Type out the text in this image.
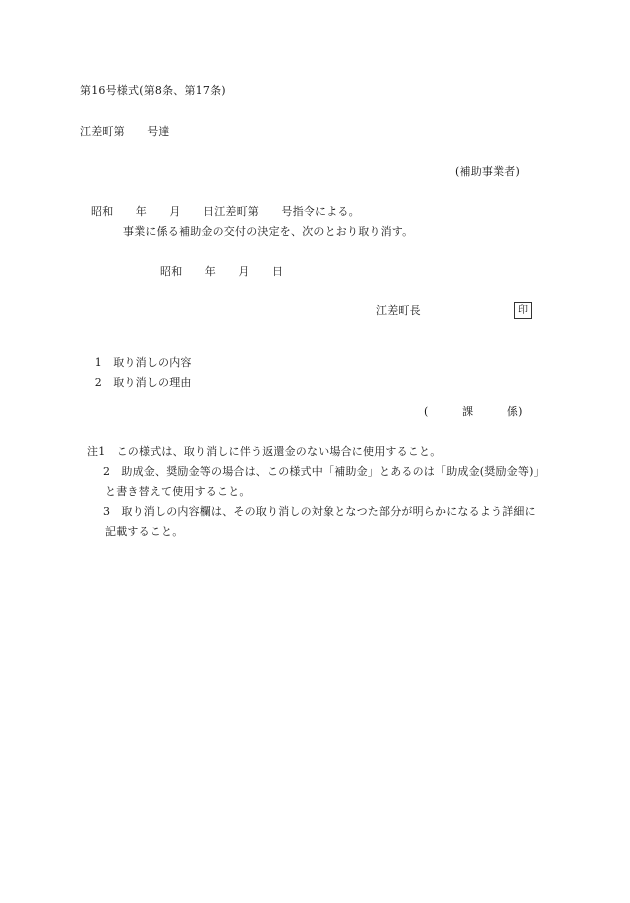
第16号様式(第8条、第17条)
江差町第　　号達
(補助事業者)
昭和　　年　　月　　日江差町第　　号指令による。
事業に係る補助金の交付の決定を、次のとおり取り消す。
昭和　　年　　月　　日
江差町長	印

1　 取り消しの内容

2　 取り消しの理由

(　　　課　　　係)
注1　この様式は、取り消しに伴う返還金のない場合に使用すること。
2　助成金、奨励金等の場合は、この様式中「補助金」とあるのは「助成金(奨励金等)」
と書き替えて使用すること。
3　取り消しの内容欄は、その取り消しの対象となつた部分が明らかになるよう詳細に
記載すること。
